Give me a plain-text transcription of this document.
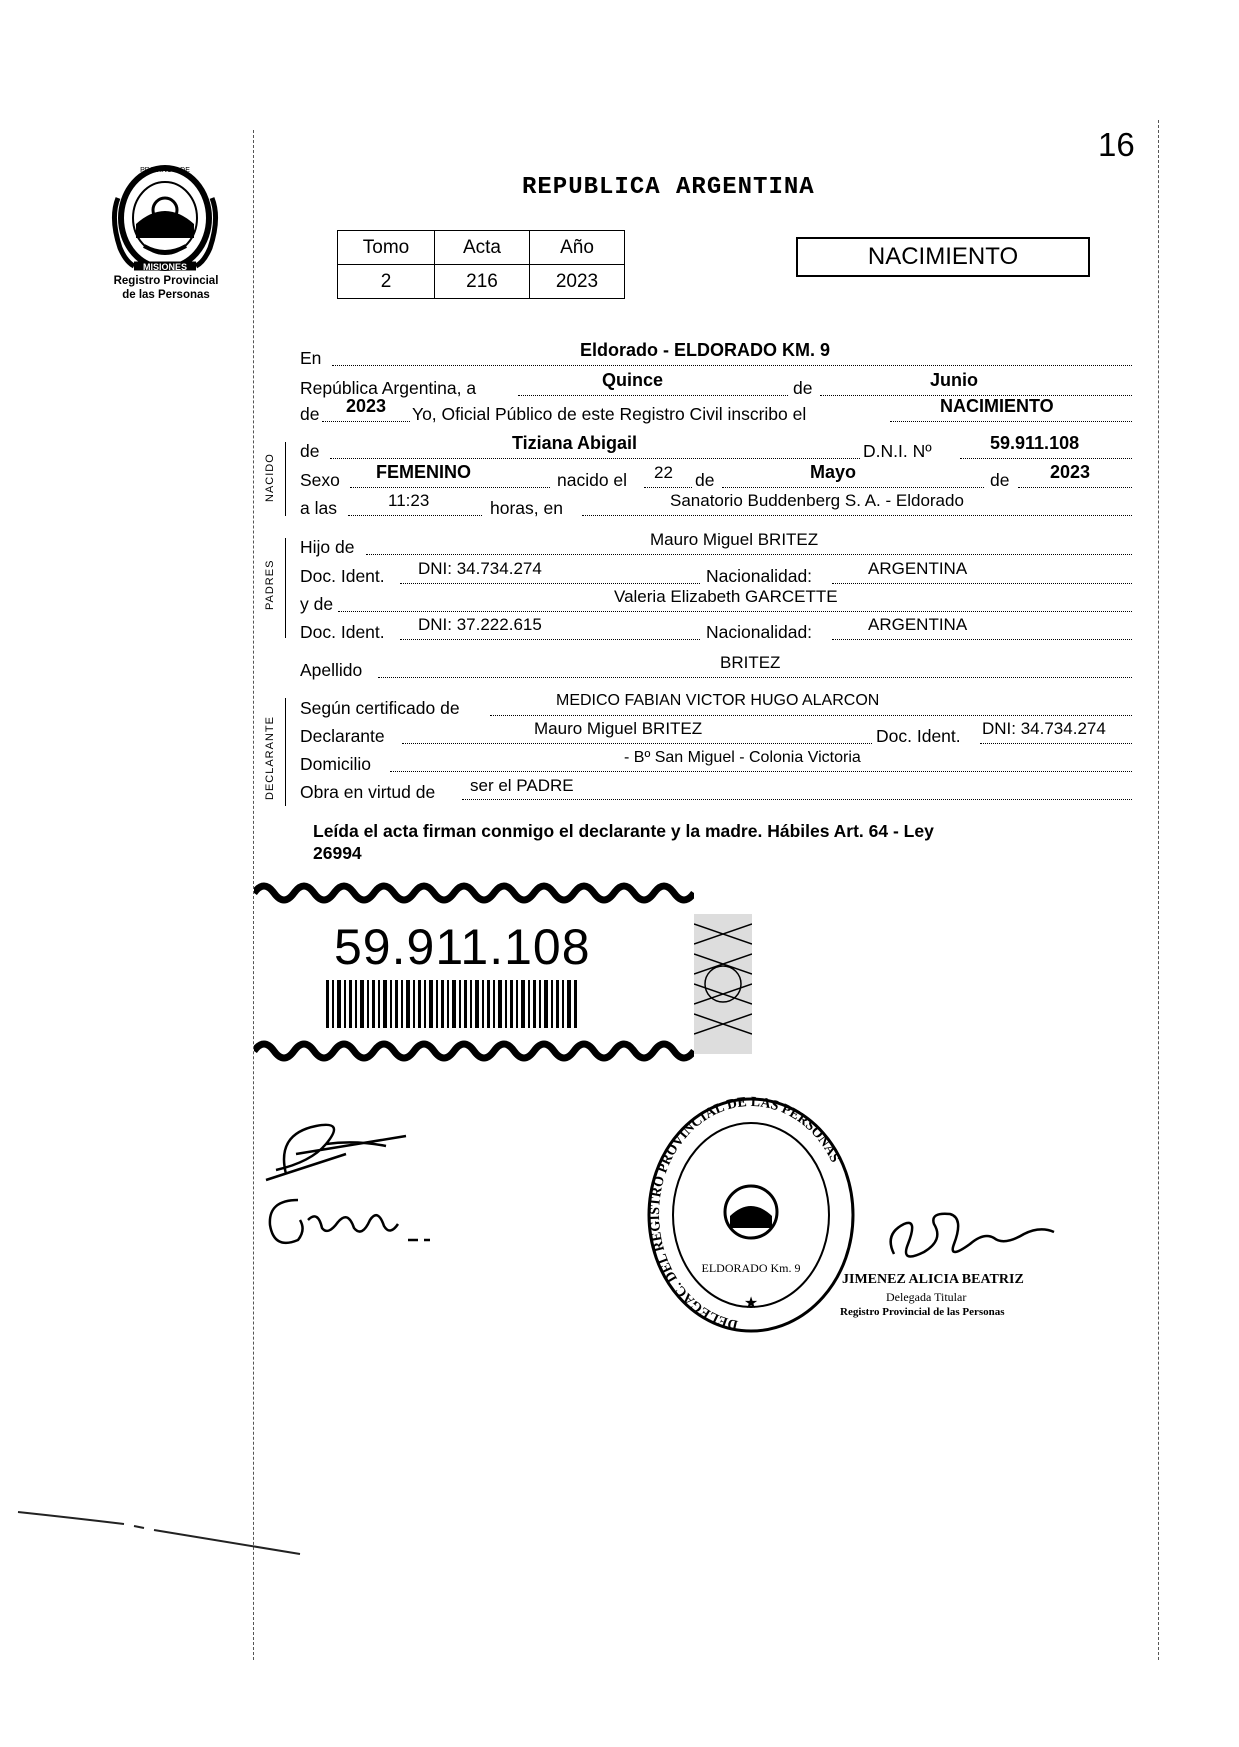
16
REPUBLICA ARGENTINA
MISIONES
PROVINCIA DE
Registro Provincial
de las Personas
Tomo	Acta	Año
2	216	2023
NACIMIENTO
En	Eldorado - ELDORADO KM. 9
República Argentina, a	Quince	de	Junio
de 2023 Yo, Oficial Público de este Registro Civil inscribo el	NACIMIENTO
NACIDO
de	Tiziana Abigail	D.N.I. Nº	59.911.108
Sexo FEMENINO	nacido el 22 de	Mayo	de 2023
a las	11:23	horas, en	Sanatorio Buddenberg S. A. - Eldorado
PADRES
Hijo de	Mauro Miguel BRITEZ
Doc. Ident. DNI: 34.734.274	Nacionalidad:	ARGENTINA
y de	Valeria Elizabeth GARCETTE
Doc. Ident. DNI: 37.222.615	Nacionalidad:	ARGENTINA
Apellido	BRITEZ
DECLARANTE
Según certificado de	MEDICO FABIAN VICTOR HUGO ALARCON
Declarante	Mauro Miguel BRITEZ	Doc. Ident. DNI: 34.734.274
Domicilio	- Bº San Miguel - Colonia Victoria
Obra en virtud de ser el PADRE
Leída el acta firman conmigo el declarante y la madre. Hábiles Art. 64 - Ley
26994
59.911.108
DELEGAC. DEL REGISTRO PROVINCIAL DE LAS PERSONAS
ELDORADO Km. 9
★
JIMENEZ ALICIA BEATRIZ
Delegada Titular
Registro Provincial de las Personas
